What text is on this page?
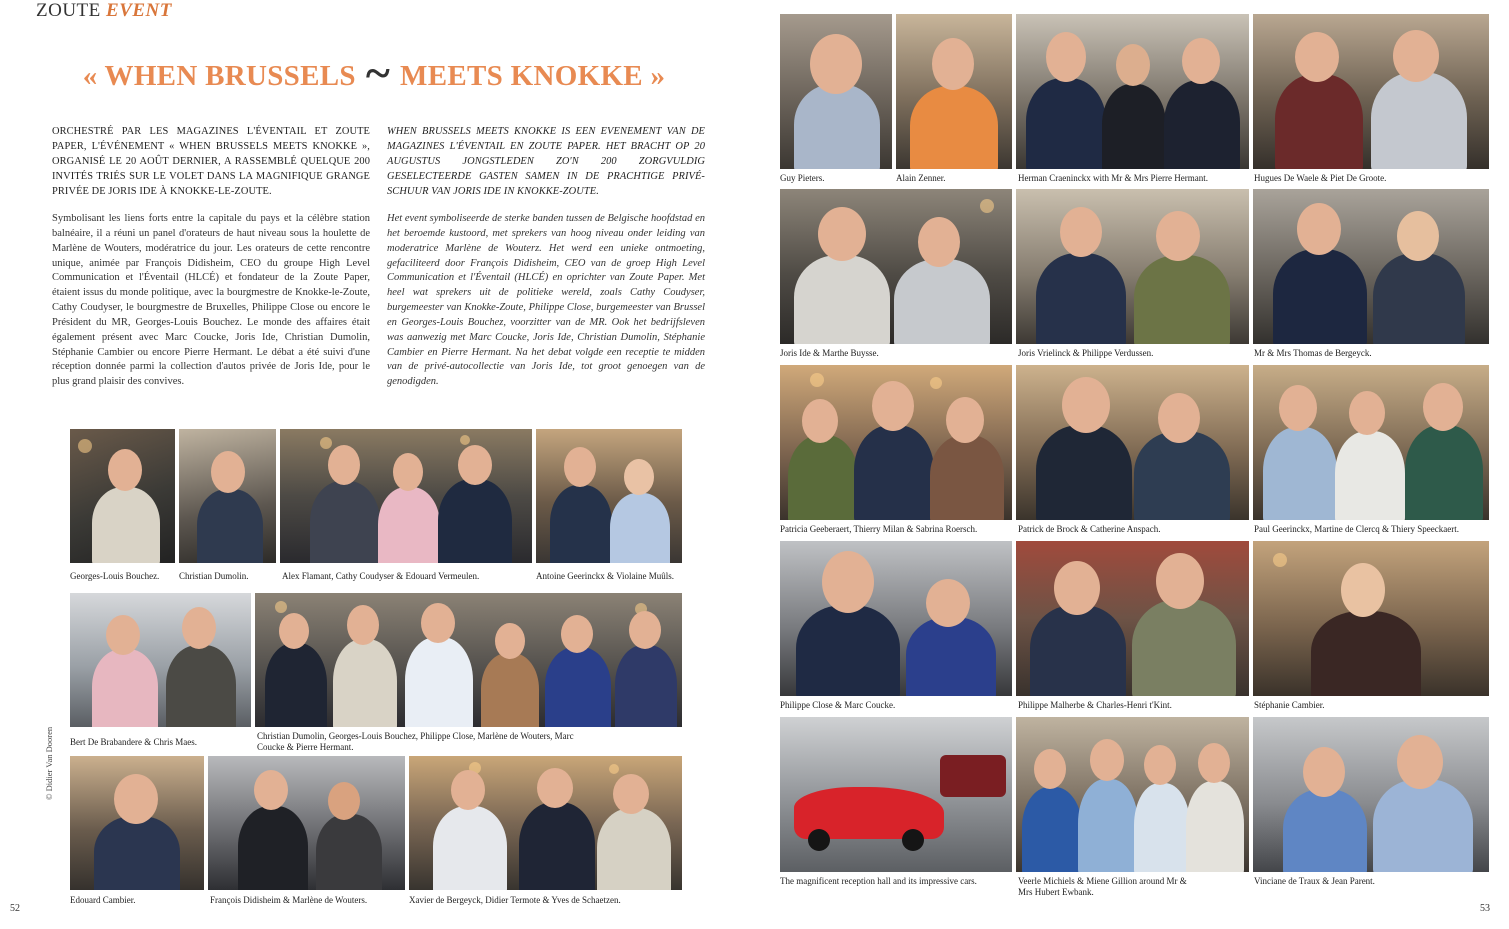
ZOUTE EVENT
« WHEN BRUSSELS ~ MEETS KNOKKE »

ORCHESTRÉ PAR LES MAGAZINES L'ÉVENTAIL ET ZOUTE PAPER, L'ÉVÉNEMENT « WHEN BRUSSELS MEETS KNOKKE », ORGANISÉ LE 20 AOÛT DERNIER, A RASSEMBLÉ QUELQUE 200 INVITÉS TRIÉS SUR LE VOLET DANS LA MAGNIFIQUE GRANGE PRIVÉE DE JORIS IDE À KNOKKE-LE-ZOUTE.

WHEN BRUSSELS MEETS KNOKKE IS EEN EVENEMENT VAN DE MAGAZINES L'ÉVENTAIL EN ZOUTE PAPER. HET BRACHT OP 20 AUGUSTUS JONGSTLEDEN ZO'N 200 ZORGVULDIG GESELECTEERDE GASTEN SAMEN IN DE PRACHTIGE PRIVÉ-SCHUUR VAN JORIS IDE IN KNOKKE-ZOUTE.

Symbolisant les liens forts entre la capitale du pays et la célèbre station balnéaire, il a réuni un panel d'orateurs de haut niveau sous la houlette de Marlène de Wouters, modératrice du jour. Les orateurs de cette rencontre unique, animée par François Didisheim, CEO du groupe High Level Communication et l'Éventail (HLCÉ) et fondateur de la Zoute Paper, étaient issus du monde politique, avec la bourgmestre de Knokke-le-Zoute, Cathy Coudyser, le bourgmestre de Bruxelles, Philippe Close ou encore le Président du MR, Georges-Louis Bouchez. Le monde des affaires était également présent avec Marc Coucke, Joris Ide, Christian Dumolin, Stéphanie Cambier ou encore Pierre Hermant. Le débat a été suivi d'une réception donnée parmi la collection d'autos privée de Joris Ide, pour le plus grand plaisir des convives.

Het event symboliseerde de sterke banden tussen de Belgische hoofdstad en het beroemde kustoord, met sprekers van hoog niveau onder leiding van moderatrice Marlène de Wouterz. Het werd een unieke ontmoeting, gefaciliteerd door François Didisheim, CEO van de groep High Level Communication et l'Éventail (HLCÉ) en oprichter van Zoute Paper. Met heel wat sprekers uit de politieke wereld, zoals Cathy Coudyser, burgemeester van Knokke-Zoute, Philippe Close, burgemeester van Brussel en Georges-Louis Bouchez, voorzitter van de MR. Ook het bedrijfsleven was aanwezig met Marc Coucke, Joris Ide, Christian Dumolin, Stéphanie Cambier en Pierre Hermant. Na het debat volgde een receptie te midden van de privé-autocollectie van Joris Ide, tot groot genoegen van de genodigden.

Georges-Louis Bouchez. Christian Dumolin.	Alex Flamant, Cathy Coudyser & Edouard Vermeulen.	Antoine Geerinckx & Violaine Muûls.
Bert De Brabandere & Chris Maes.
Christian Dumolin, Georges-Louis Bouchez, Philippe Close, Marlène de Wouters, Marc Coucke & Pierre Hermant.
Edouard Cambier.	François Didisheim & Marlène de Wouters.	Xavier de Bergeyck, Didier Termote & Yves de Schaetzen.
© Didier Van Dooren
52
Guy Pieters.	Alain Zenner.	Herman Craeninckx with Mr & Mrs Pierre Hermant.	Hugues De Waele & Piet De Groote.
Joris Ide & Marthe Buysse.	Joris Vrielinck & Philippe Verdussen.	Mr & Mrs Thomas de Bergeyck.
Patricia Geeberaert, Thierry Milan & Sabrina Roersch.	Patrick de Brock & Catherine Anspach.	Paul Geerinckx, Martine de Clercq & Thiery Speeckaert.
Philippe Close & Marc Coucke.	Philippe Malherbe & Charles-Henri t'Kint.	Stéphanie Cambier.
The magnificent reception hall and its impressive cars.	Veerle Michiels & Miene Gillion around Mr & Mrs Hubert Ewbank.
Vinciane de Traux & Jean Parent.
53
